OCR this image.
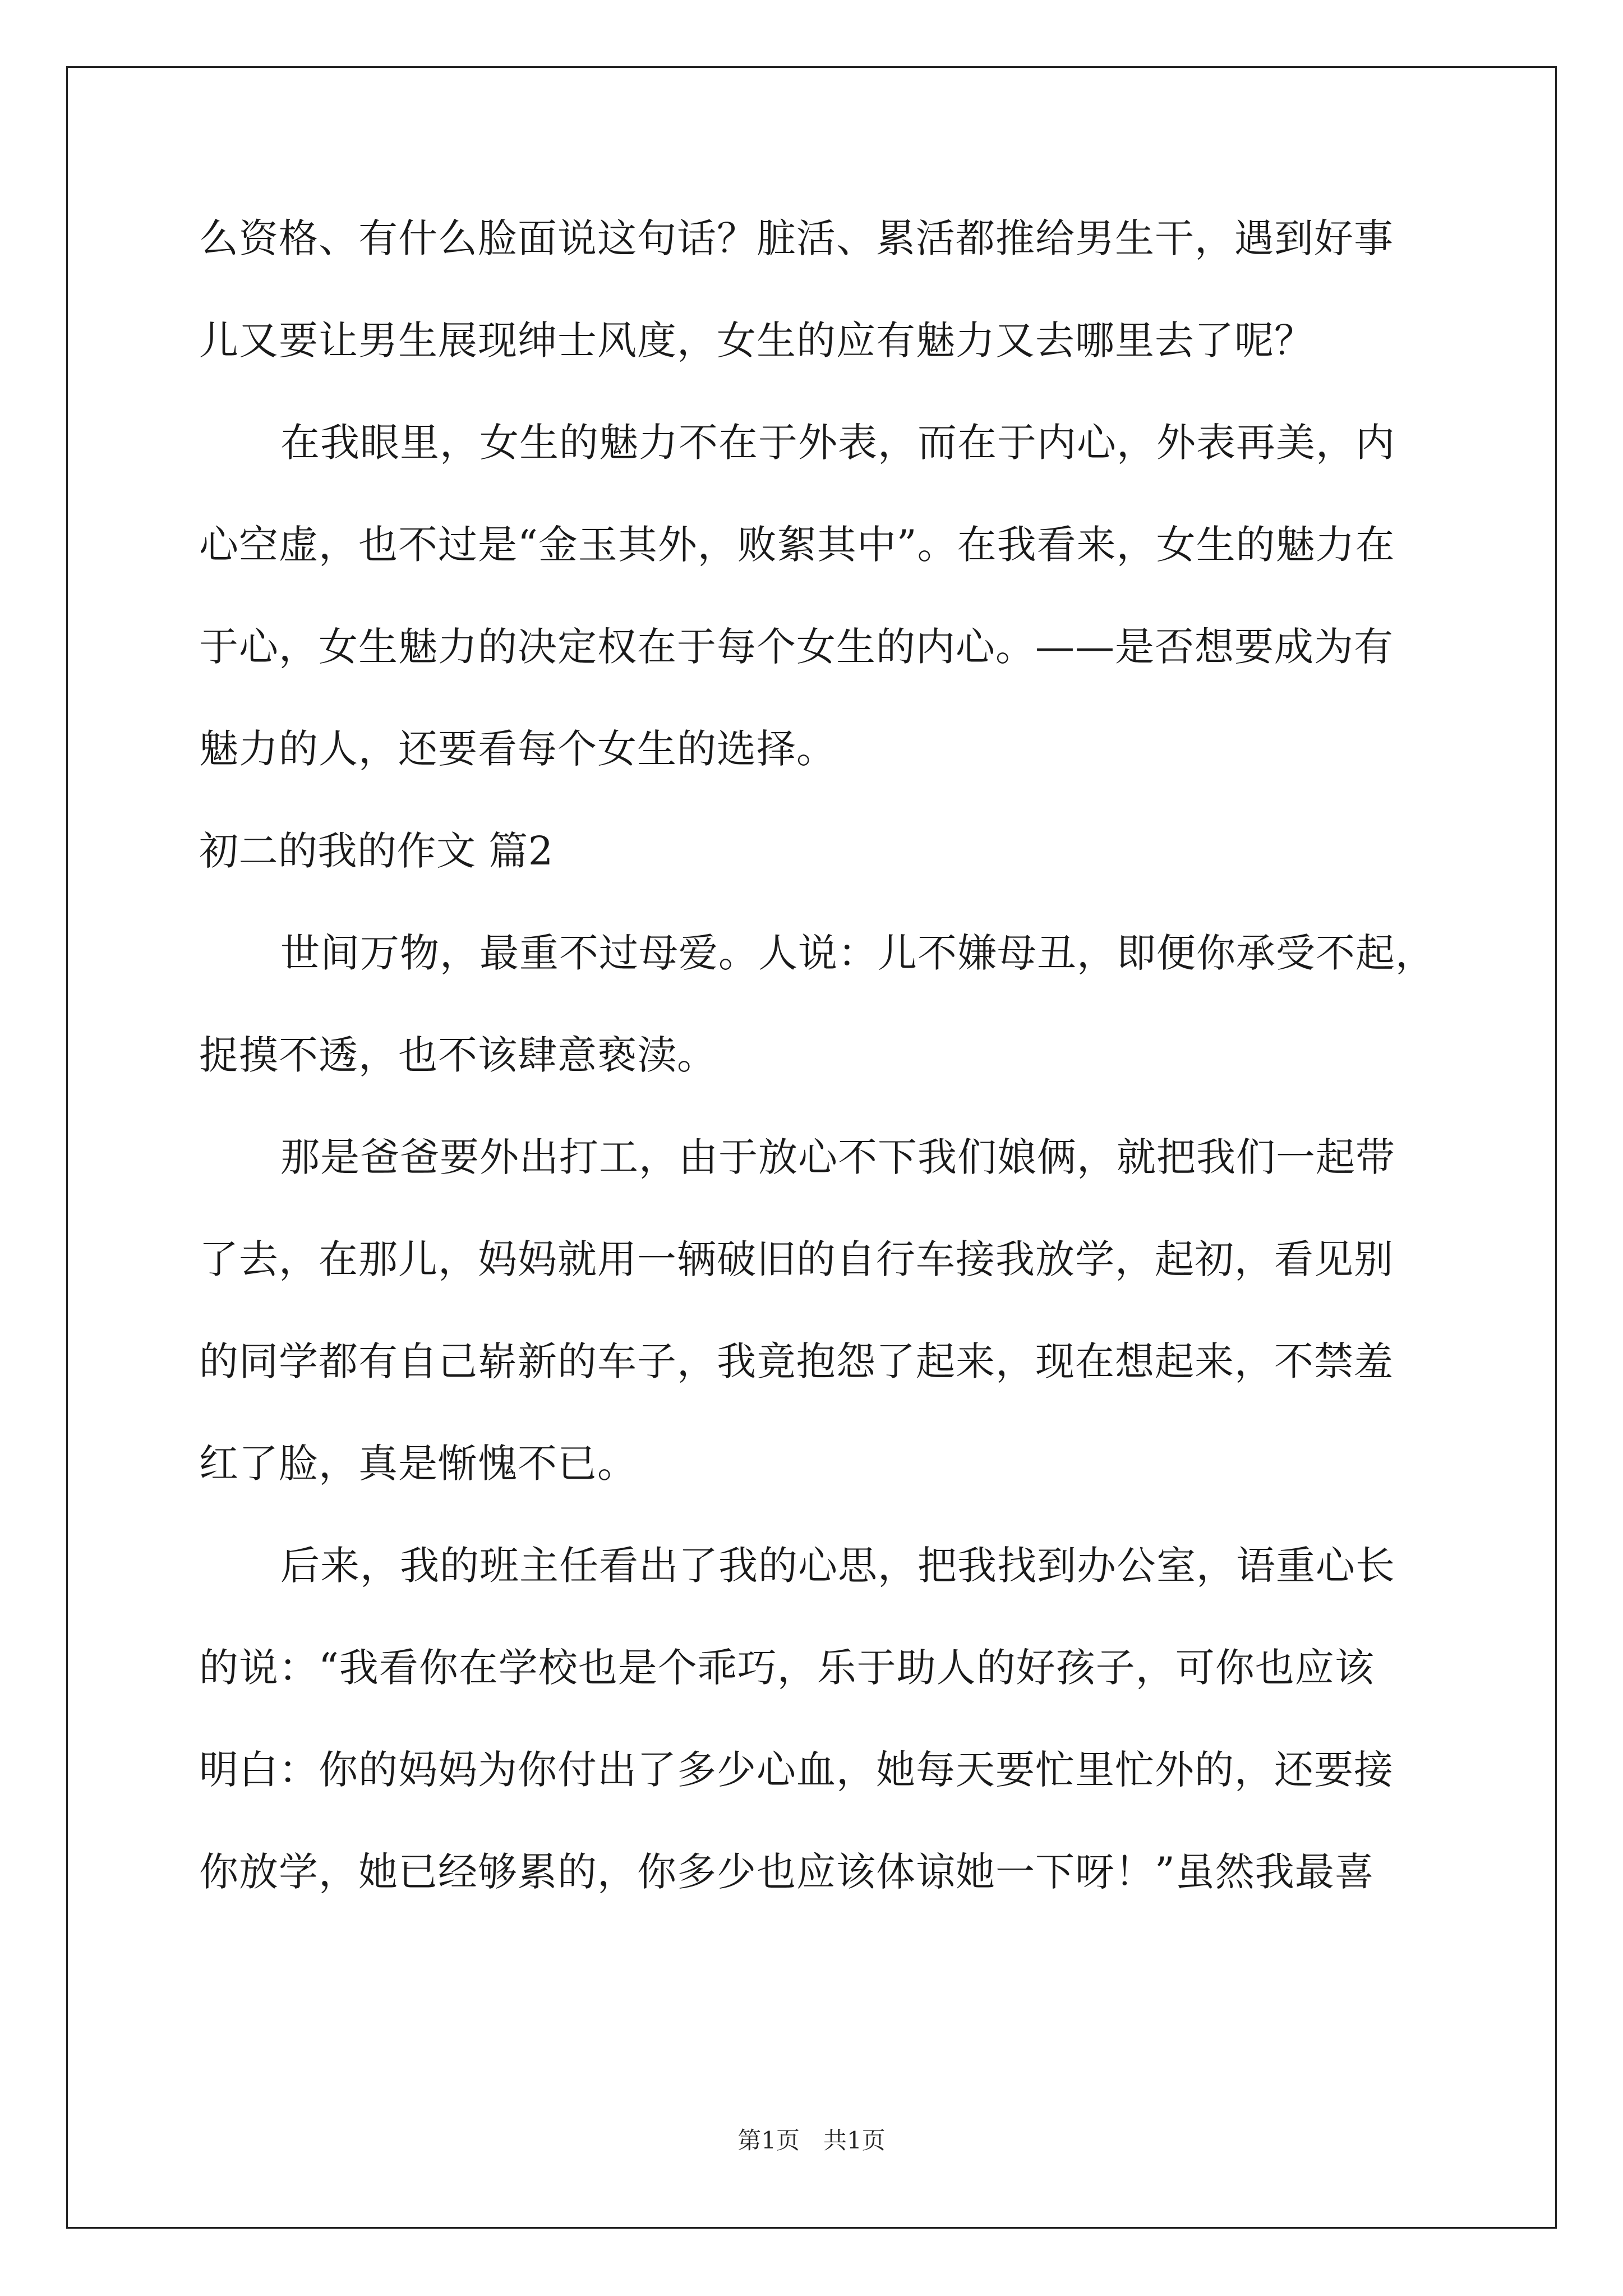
么资格、有什么脸面说这句话？脏活、累活都推给男生干，遇到好事

儿又要让男生展现绅士风度，女生的应有魅力又去哪里去了呢？

在我眼里，女生的魅力不在于外表，而在于内心，外表再美，内

心空虚，也不过是“金玉其外，败絮其中”。在我看来，女生的魅力在

于心，女生魅力的决定权在于每个女生的内心。——是否想要成为有

魅力的人，还要看每个女生的选择。

初二的我的作文 篇2

世间万物，最重不过母爱。人说：儿不嫌母丑，即便你承受不起，

捉摸不透，也不该肆意亵渎。

那是爸爸要外出打工，由于放心不下我们娘俩，就把我们一起带

了去，在那儿，妈妈就用一辆破旧的自行车接我放学，起初，看见别

的同学都有自己崭新的车子，我竟抱怨了起来，现在想起来，不禁羞

红了脸，真是惭愧不已。

后来，我的班主任看出了我的心思，把我找到办公室，语重心长

的说：“我看你在学校也是个乖巧，乐于助人的好孩子，可你也应该

明白：你的妈妈为你付出了多少心血，她每天要忙里忙外的，还要接

你放学，她已经够累的，你多少也应该体谅她一下呀！”虽然我最喜

第1页　共1页
